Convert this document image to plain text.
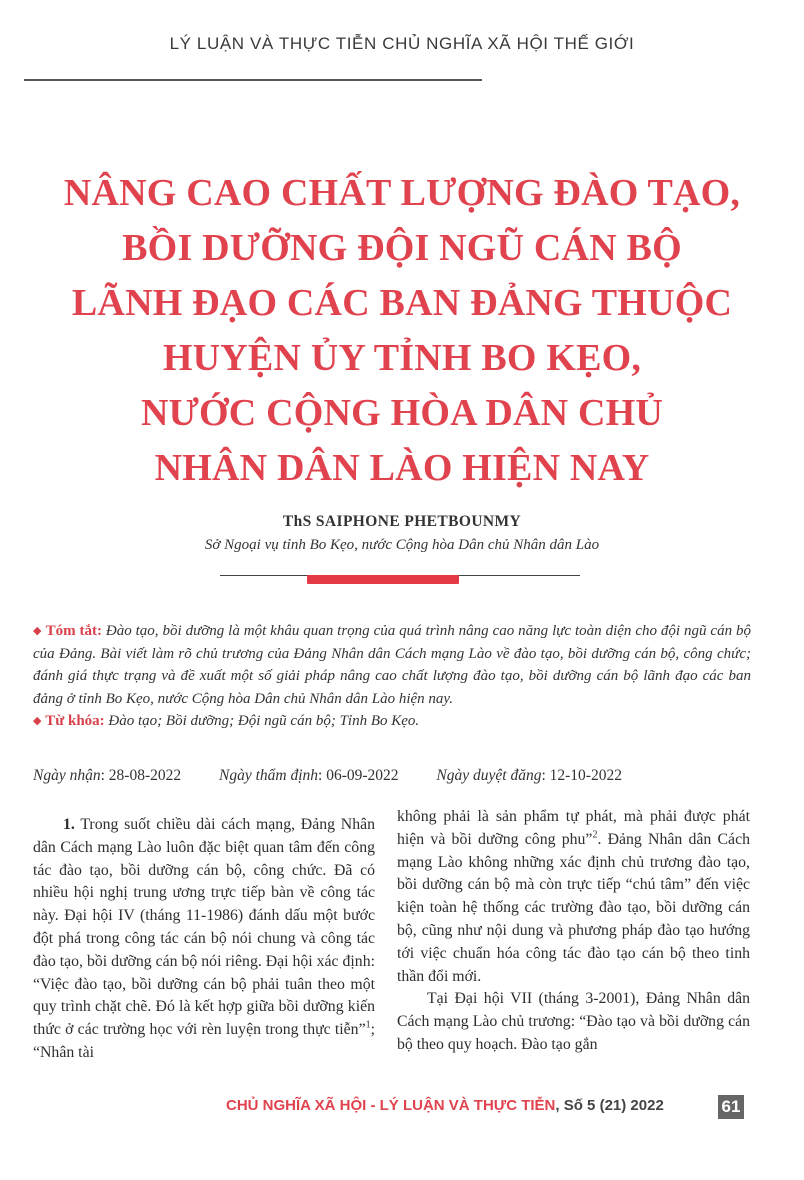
LÝ LUẬN VÀ THỰC TIỄN CHỦ NGHĨA XÃ HỘI THẾ GIỚI
NÂNG CAO CHẤT LƯỢNG ĐÀO TẠO,
BỒI DƯỠNG ĐỘI NGŨ CÁN BỘ
LÃNH ĐẠO CÁC BAN ĐẢNG THUỘC
HUYỆN ỦY TỈNH BO KẸO,
NƯỚC CỘNG HÒA DÂN CHỦ
NHÂN DÂN LÀO HIỆN NAY
ThS SAIPHONE PHETBOUNMY
Sở Ngoại vụ tỉnh Bo Kẹo, nước Cộng hòa Dân chủ Nhân dân Lào

◆ Tóm tắt: Đào tạo, bồi dưỡng là một khâu quan trọng của quá trình nâng cao năng lực toàn diện cho đội ngũ cán bộ của Đảng. Bài viết làm rõ chủ trương của Đảng Nhân dân Cách mạng Lào về đào tạo, bồi dưỡng cán bộ, công chức; đánh giá thực trạng và đề xuất một số giải pháp nâng cao chất lượng đào tạo, bồi dưỡng cán bộ lãnh đạo các ban đảng ở tỉnh Bo Kẹo, nước Cộng hòa Dân chủ Nhân dân Lào hiện nay.

◆ Từ khóa: Đào tạo; Bồi dưỡng; Đội ngũ cán bộ; Tỉnh Bo Kẹo.

Ngày nhận: 28-08-2022 Ngày thẩm định: 06-09-2022 Ngày duyệt đăng: 12-10-2022

1. Trong suốt chiều dài cách mạng, Đảng Nhân dân Cách mạng Lào luôn đặc biệt quan tâm đến công tác đào tạo, bồi dưỡng cán bộ, công chức. Đã có nhiều hội nghị trung ương trực tiếp bàn về công tác này. Đại hội IV (tháng 11-1986) đánh dấu một bước đột phá trong công tác cán bộ nói chung và công tác đào tạo, bồi dưỡng cán bộ nói riêng. Đại hội xác định: “Việc đào tạo, bồi dưỡng cán bộ phải tuân theo một quy trình chặt chẽ. Đó là kết hợp giữa bồi dưỡng kiến thức ở các trường học với rèn luyện trong thực tiễn”$^1$; “Nhân tài

không phải là sản phẩm tự phát, mà phải được phát hiện và bồi dưỡng công phu”$^2$. Đảng Nhân dân Cách mạng Lào không những xác định chủ trương đào tạo, bồi dưỡng cán bộ mà còn trực tiếp “chú tâm” đến việc kiện toàn hệ thống các trường đào tạo, bồi dưỡng cán bộ, cũng như nội dung và phương pháp đào tạo hướng tới việc chuẩn hóa công tác đào tạo cán bộ theo tinh thần đổi mới.

Tại Đại hội VII (tháng 3-2001), Đảng Nhân dân Cách mạng Lào chủ trương: “Đào tạo và bồi dưỡng cán bộ theo quy hoạch. Đào tạo gắn

CHỦ NGHĨA XÃ HỘI - LÝ LUẬN VÀ THỰC TIỄN, Số 5 (21) 2022	61
